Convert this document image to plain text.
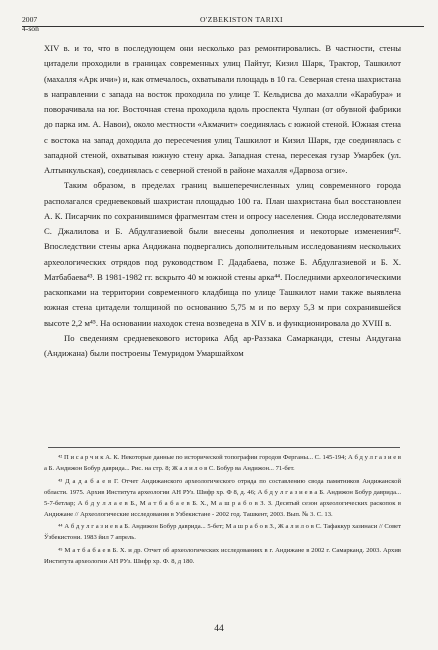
2007
4-son
O'ZBEKISTON TARIXI

XIV в. и то, что в последующем они несколько раз ремонтировались. В частности, стены цитадели проходили в границах современных улиц Пайтуг, Кизил Шарк, Трактор, Ташкилот (махалля «Арк ичи») и, как отмечалось, охватывали площадь в 10 га. Северная стена шахристана в направлении с запада на восток проходила по улице Т. Кельдисва до махалли «Карабура» и поворачивала на юг. Восточная стена проходила вдоль проспекта Чулпан (от обувной фабрики до парка им. А. Навои), около местности «Акмачит» соединялась с южной стеной. Южная стена с востока на запад доходила до пересечения улиц Ташкилот и Кизил Шарк, где соединялась с западной стеной, охватывая южную стену арка. Западная стена, пересекая гузар Умарбек (ул. Алтынкульская), соединялась с северной стеной в районе махалля «Дарвоза огзи».

Таким образом, в пределах границ вышеперечисленных улиц современного города располагался средневековый шахристан площадью 100 га. План шахристана был восстановлен А. К. Писарчик по сохранившимся фрагментам стен и опросу населения. Сюда исследователями С. Джалилова и Б. Абдулгазиевой были внесены дополнения и некоторые изменения⁴². Впоследствии стены арка Андижана подвергались дополнительным исследованиям нескольких археологических отрядов под руководством Г. Дадабаева, позже Б. Абдулгазиевой и Б. Х. Матбабаева⁴³. В 1981-1982 гг. вскрыто 40 м южной стены арка⁴⁴. Последними археологическими раскопками на территории современного кладбища по улице Ташкилот нами также выявлена южная стена цитадели толщиной по основанию 5,75 м и по верху 5,3 м при сохранившейся высоте 2,2 м⁴⁵. На основании находок стена возведена в XIV в. и функционировала до XVIII в.

По сведениям средневекового историка Абд ар-Раззака Самарканди, стены Андугана (Андижана) были построены Темуридом Умаршайхом

⁴² П и с а р ч и к А. К. Некоторые данные по исторической топографии городов Ферганы... С. 145-194; А б д у л г а з и е в а Б. Андижон Бобур даврида... Рис. на стр. 8; Ж а л и л о в С. Бобур ва Андижон... 71-бет.

⁴³ Д а д а б а е в Г. Отчет Андижанского археологического отряда по составлению свода памятников Андижанской области. 1975. Архив Института археологии АН РУз. Шифр хр. Ф 8, д. 46; А б д у л г а з и е в а Б. Андижон Бобур даврида... 5-7-бетлар; А б д у л л а е в Б., М а т б а б а е в Б. Х., М а ш р а б о в З. З. Десятый сезон археологических раскопок в Андижане // Археологические исследования в Узбекистане - 2002 год. Ташкент, 2003. Вып. № 3. С. 13.

⁴⁴ А б д у л г а з и е в а Б. Андижон Бобур даврида... 5-бет; М а ш р а б о в З., Ж а л и л о в С. Тафаккур хазинаси // Совет Ўзбекистони. 1983 йил 7 апрель.

⁴⁵ М а т б а б а е в Б. Х. и др. Отчет об археологических исследованиях в г. Андижане в 2002 г. Самарканд. 2003. Архив Института археологии АН РУз. Шифр хр. Ф. 8, д 180.

44
